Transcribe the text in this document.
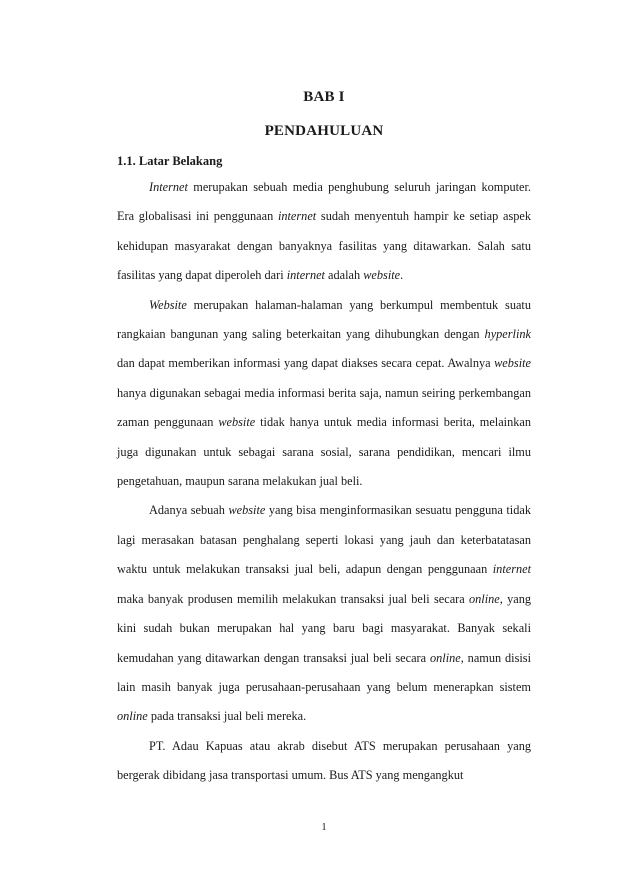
BAB I
PENDAHULUAN
1.1. Latar Belakang

Internet merupakan sebuah media penghubung seluruh jaringan komputer. Era globalisasi ini penggunaan internet sudah menyentuh hampir ke setiap aspek kehidupan masyarakat dengan banyaknya fasilitas yang ditawarkan. Salah satu fasilitas yang dapat diperoleh dari internet adalah website.

Website merupakan halaman-halaman yang berkumpul membentuk suatu rangkaian bangunan yang saling beterkaitan yang dihubungkan dengan hyperlink dan dapat memberikan informasi yang dapat diakses secara cepat. Awalnya website hanya digunakan sebagai media informasi berita saja, namun seiring perkembangan zaman penggunaan website tidak hanya untuk media informasi berita, melainkan juga digunakan untuk sebagai sarana sosial, sarana pendidikan, mencari ilmu pengetahuan, maupun sarana melakukan jual beli.

Adanya sebuah website yang bisa menginformasikan sesuatu pengguna tidak lagi merasakan batasan penghalang seperti lokasi yang jauh dan keterbatatasan waktu untuk melakukan transaksi jual beli, adapun dengan penggunaan internet maka banyak produsen memilih melakukan transaksi jual beli secara online, yang kini sudah bukan merupakan hal yang baru bagi masyarakat. Banyak sekali kemudahan yang ditawarkan dengan transaksi jual beli secara online, namun disisi lain masih banyak juga perusahaan-perusahaan yang belum menerapkan sistem online pada transaksi jual beli mereka.

PT. Adau Kapuas atau akrab disebut ATS merupakan perusahaan yang bergerak dibidang jasa transportasi umum. Bus ATS yang mengangkut

1
